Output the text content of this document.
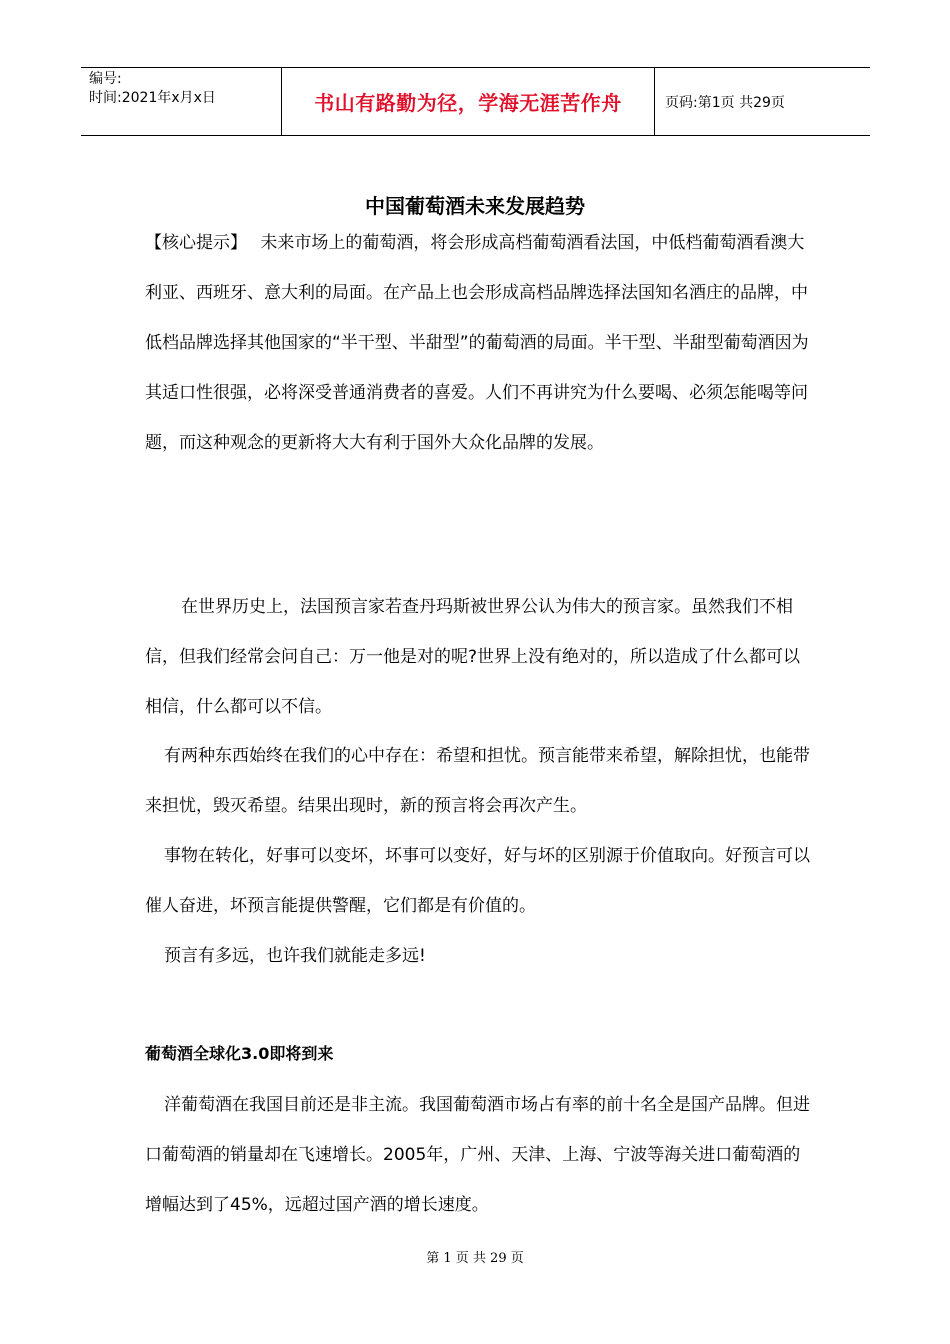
编号:
时间:2021年x月x日	书山有路勤为径，学海无涯苦作舟	页码:第1页 共29页
中国葡萄酒未来发展趋势

【核心提示】 未来市场上的葡萄酒，将会形成高档葡萄酒看法国，中低档葡萄酒看澳大利亚、西班牙、意大利的局面。在产品上也会形成高档品牌选择法国知名酒庄的品牌，中低档品牌选择其他国家的“半干型、半甜型”的葡萄酒的局面。半干型、半甜型葡萄酒因为其适口性很强，必将深受普通消费者的喜爱。人们不再讲究为什么要喝、必须怎能喝等问题，而这种观念的更新将大大有利于国外大众化品牌的发展。

在世界历史上，法国预言家若查丹玛斯被世界公认为伟大的预言家。虽然我们不相信，但我们经常会问自己：万一他是对的呢?世界上没有绝对的，所以造成了什么都可以相信，什么都可以不信。

有两种东西始终在我们的心中存在：希望和担忧。预言能带来希望，解除担忧，也能带来担忧，毁灭希望。结果出现时，新的预言将会再次产生。

事物在转化，好事可以变坏，坏事可以变好，好与坏的区别源于价值取向。好预言可以催人奋进，坏预言能提供警醒，它们都是有价值的。

预言有多远，也许我们就能走多远!

葡萄酒全球化3.0即将到来

洋葡萄酒在我国目前还是非主流。我国葡萄酒市场占有率的前十名全是国产品牌。但进口葡萄酒的销量却在飞速增长。2005年，广州、天津、上海、宁波等海关进口葡萄酒的增幅达到了45%，远超过国产酒的增长速度。

第 1 页 共 29 页
